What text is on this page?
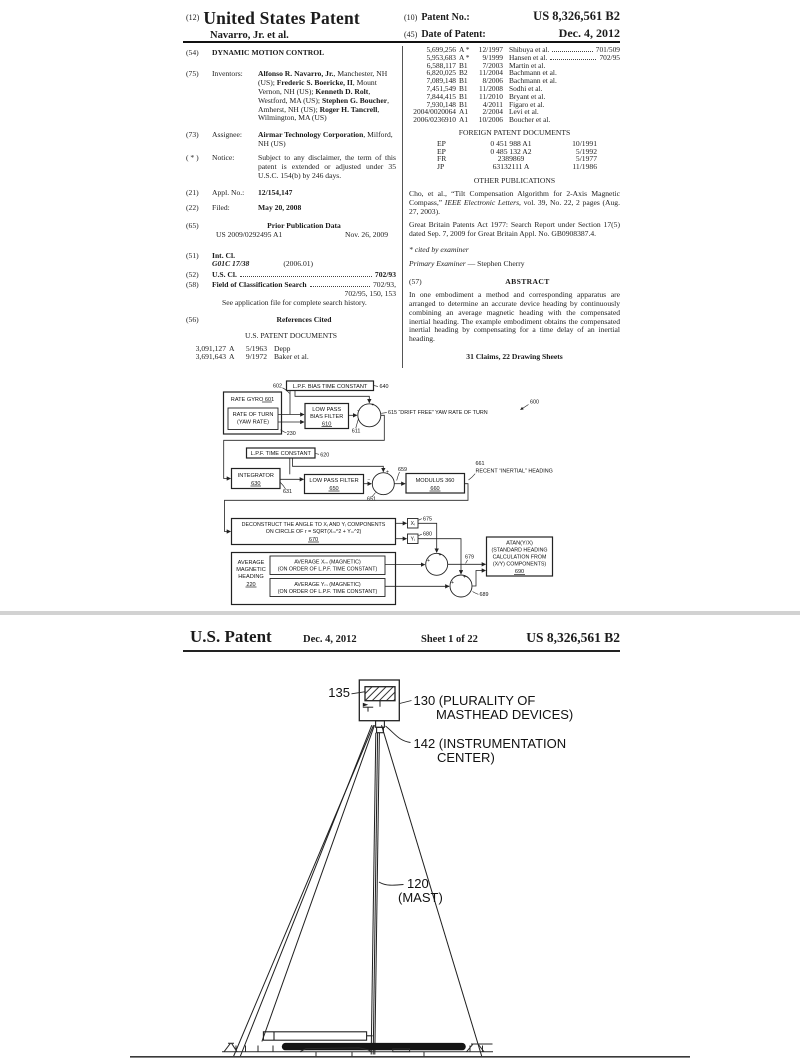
$^{(12)}$ United States Patent
Navarro, Jr. et al.
(10) Patent No.:	US 8,326,561 B2
(45) Date of Patent:	Dec. 4, 2012
(54)	DYNAMIC MOTION CONTROL
(75)	Inventors:	Alfonso R. Navarro, Jr., Manchester, NH (US); Frederic S. Boericke, II, Mount Vernon, NH (US); Kenneth D. Rolt, Westford, MA (US); Stephen G. Boucher, Amherst, NH (US); Roger H. Tancrell, Wilmington, MA (US)
(73)	Assignee:	Airmar Technology Corporation, Milford, NH (US)
( * )	Notice:	Subject to any disclaimer, the term of this patent is extended or adjusted under 35 U.S.C. 154(b) by 246 days.
(21)	Appl. No.:	12/154,147
(22)	Filed:	May 20, 2008
(65)	Prior Publication Data
US 2009/0292495 A1	Nov. 26, 2009
(51)	Int. Cl.
G01C 17/38	(2006.01)
(52)	U.S. Cl.	702/93
(58)	Field of Classification Search	702/93,
702/95, 150, 153
See application file for complete search history.
(56)	References Cited
U.S. PATENT DOCUMENTS
3,091,127 A	5/1963 Depp
3,691,643 A	9/1972 Baker et al.
5,699,256 A *	12/1997 Shibuya et al.	701/509
5,953,683 A *	9/1999 Hansen et al.	702/95
6,588,117 B1	7/2003 Martin et al.
6,820,025 B2	11/2004 Bachmann et al.
7,089,148 B1	8/2006 Bachmann et al.
7,451,549 B1	11/2008 Sodhi et al.
7,844,415 B1	11/2010 Bryant et al.
7,930,148 B1	4/2011 Figaro et al.
2004/0020064 A1	2/2004 Levi et al.
2006/0236910 A1	10/2006 Boucher et al.
FOREIGN PATENT DOCUMENTS
EP	0 451 988 A1	10/1991
EP	0 485 132 A2	5/1992
FR	2389869	5/1977
JP	63132111 A	11/1986
OTHER PUBLICATIONS
Cho, et al., “Tilt Compensation Algorithm for 2-Axis Magnetic Compass,” IEEE Electronic Letters, vol. 39, No. 22, 2 pages (Aug. 27, 2003).
Great Britain Patents Act 1977: Search Report under Section 17(5) dated Sep. 7, 2009 for Great Britain Appl. No. GB0908387.4.
* cited by examiner
Primary Examiner — Stephen Cherry
(57)	ABSTRACT
In one embodiment a method and corresponding apparatus are arranged to determine an accurate device heading by continuously combining an average magnetic heading with the compensated inertial heading. The example embodiment obtains the compensated inertial heading by compensating for a time delay of an inertial heading.
31 Claims, 22 Drawing Sheets
L.P.F. BIAS TIME CONSTANT
RATE GYRO 601
RATE OF TURN
(YAW RATE)
LOW PASS
BIAS FILTER
610
L.P.F. TIME CONSTANT
INTEGRATOR
630	LOW PASS FILTER
650
MODULUS 360
660
DECONSTRUCT THE ANGLE TO Xᵢ AND Yᵢ COMPONENTS
ON CIRCLE OF r = SQRT(Xₘ^2 + Yₘ^2)
670
Xᵢ
Yᵢ
AVERAGE
MAGNETIC
HEADING
220
AVERAGE Xₘ (MAGNETIC)
(ON ORDER OF L.P.F. TIME CONSTANT)
AVERAGE Yₘ (MAGNETIC)
(ON ORDER OF L.P.F. TIME CONSTANT)
ATAN(Y/X)
(STANDARD HEADING
CALCULATION FROM
(X/Y) COMPONENTS)
690
602	640
230	611
615 “DRIFT FREE” YAW RATE OF TURN
600
620
631
651
659
661
RECENT “INERTIAL” HEADING
675
680
679
689
+
−
+
−
+
+
+
+
U.S. Patent	Dec. 4, 2012	Sheet 1 of 22	US 8,326,561 B2
135
130 (PLURALITY OF
MASTHEAD DEVICES)
142 (INSTRUMENTATION
CENTER)
120
(MAST)
